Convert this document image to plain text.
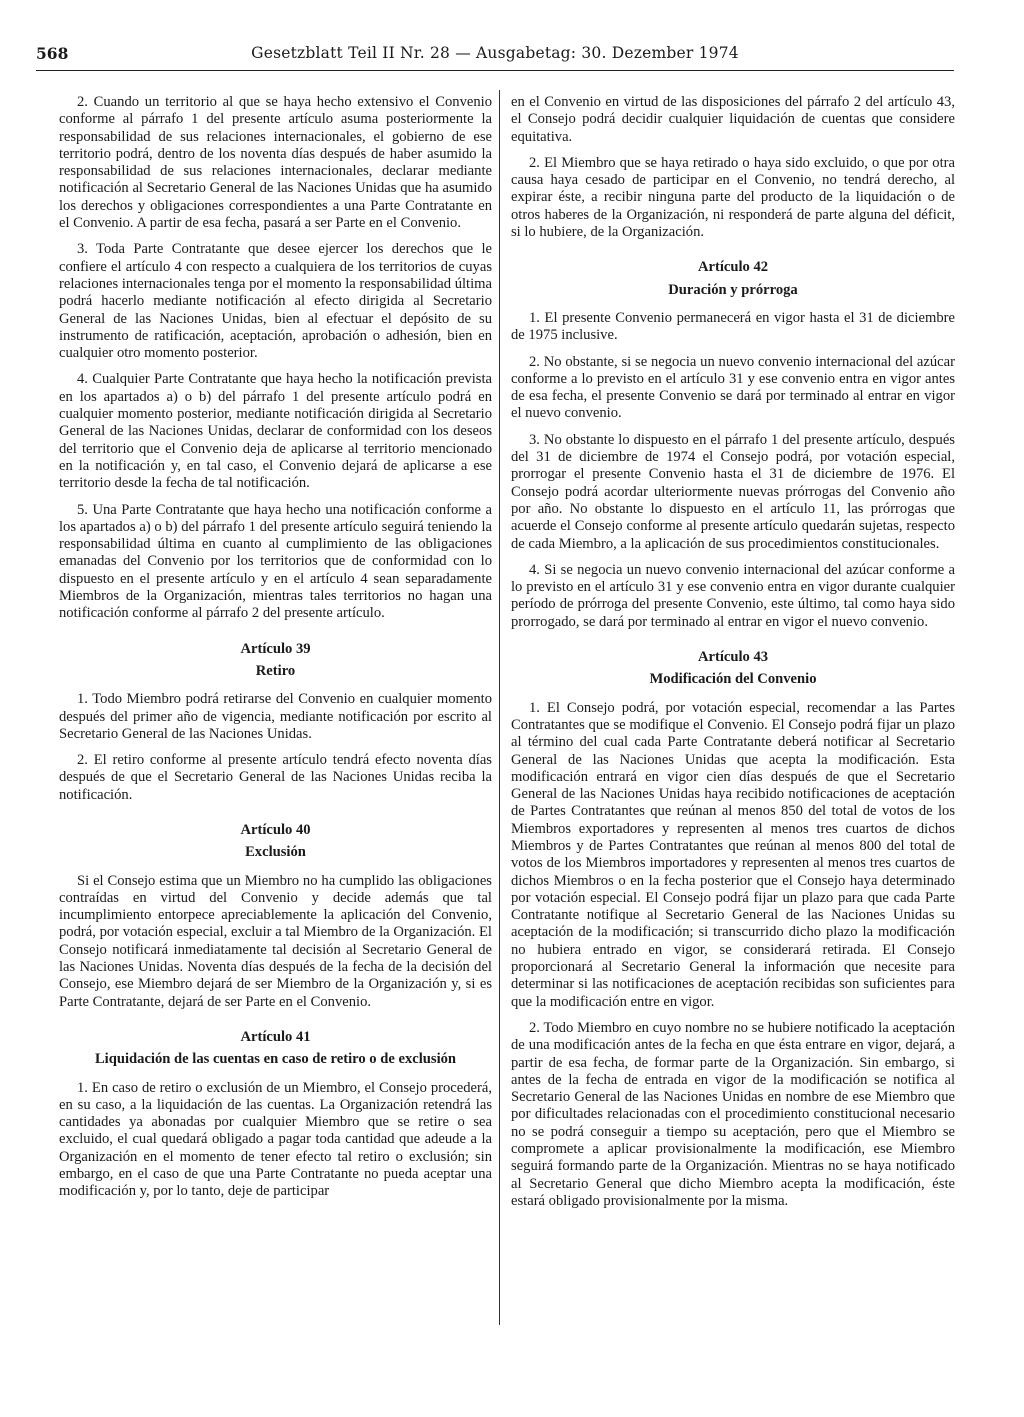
568	Gesetzblatt Teil II Nr. 28 — Ausgabetag: 30. Dezember 1974

2. Cuando un territorio al que se haya hecho extensivo el Convenio conforme al párrafo 1 del presente artículo asuma posteriormente la responsabilidad de sus relaciones internacionales, el gobierno de ese territorio podrá, dentro de los noventa días después de haber asumido la responsabilidad de sus relaciones internacionales, declarar mediante notificación al Secretario General de las Naciones Unidas que ha asumido los derechos y obligaciones correspondientes a una Parte Contratante en el Convenio. A partir de esa fecha, pasará a ser Parte en el Convenio.

3. Toda Parte Contratante que desee ejercer los derechos que le confiere el artículo 4 con respecto a cualquiera de los territorios de cuyas relaciones internacionales tenga por el momento la responsabilidad última podrá hacerlo mediante notificación al efecto dirigida al Secretario General de las Naciones Unidas, bien al efectuar el depósito de su instrumento de ratificación, aceptación, aprobación o adhesión, bien en cualquier otro momento posterior.

4. Cualquier Parte Contratante que haya hecho la notificación prevista en los apartados a) o b) del párrafo 1 del presente artículo podrá en cualquier momento posterior, mediante notificación dirigida al Secretario General de las Naciones Unidas, declarar de conformidad con los deseos del territorio que el Convenio deja de aplicarse al territorio mencionado en la notificación y, en tal caso, el Convenio dejará de aplicarse a ese territorio desde la fecha de tal notificación.

5. Una Parte Contratante que haya hecho una notificación conforme a los apartados a) o b) del párrafo 1 del presente artículo seguirá teniendo la responsabilidad última en cuanto al cumplimiento de las obligaciones emanadas del Convenio por los territorios que de conformidad con lo dispuesto en el presente artículo y en el artículo 4 sean separadamente Miembros de la Organización, mientras tales territorios no hagan una notificación conforme al párrafo 2 del presente artículo.

Artículo 39
Retiro

1. Todo Miembro podrá retirarse del Convenio en cualquier momento después del primer año de vigencia, mediante notificación por escrito al Secretario General de las Naciones Unidas.

2. El retiro conforme al presente artículo tendrá efecto noventa días después de que el Secretario General de las Naciones Unidas reciba la notificación.

Artículo 40
Exclusión

Si el Consejo estima que un Miembro no ha cumplido las obligaciones contraídas en virtud del Convenio y decide además que tal incumplimiento entorpece apreciablemente la aplicación del Convenio, podrá, por votación especial, excluir a tal Miembro de la Organización. El Consejo notificará inmediatamente tal decisión al Secretario General de las Naciones Unidas. Noventa días después de la fecha de la decisión del Consejo, ese Miembro dejará de ser Miembro de la Organización y, si es Parte Contratante, dejará de ser Parte en el Convenio.

Artículo 41
Liquidación de las cuentas en caso de retiro o de exclusión

1. En caso de retiro o exclusión de un Miembro, el Consejo procederá, en su caso, a la liquidación de las cuentas. La Organización retendrá las cantidades ya abonadas por cualquier Miembro que se retire o sea excluido, el cual quedará obligado a pagar toda cantidad que adeude a la Organización en el momento de tener efecto tal retiro o exclusión; sin embargo, en el caso de que una Parte Contratante no pueda aceptar una modificación y, por lo tanto, deje de participar

en el Convenio en virtud de las disposiciones del párrafo 2 del artículo 43, el Consejo podrá decidir cualquier liquidación de cuentas que considere equitativa.

2. El Miembro que se haya retirado o haya sido excluido, o que por otra causa haya cesado de participar en el Convenio, no tendrá derecho, al expirar éste, a recibir ninguna parte del producto de la liquidación o de otros haberes de la Organización, ni responderá de parte alguna del déficit, si lo hubiere, de la Organización.

Artículo 42
Duración y prórroga

1. El presente Convenio permanecerá en vigor hasta el 31 de diciembre de 1975 inclusive.

2. No obstante, si se negocia un nuevo convenio internacional del azúcar conforme a lo previsto en el artículo 31 y ese convenio entra en vigor antes de esa fecha, el presente Convenio se dará por terminado al entrar en vigor el nuevo convenio.

3. No obstante lo dispuesto en el párrafo 1 del presente artículo, después del 31 de diciembre de 1974 el Consejo podrá, por votación especial, prorrogar el presente Convenio hasta el 31 de diciembre de 1976. El Consejo podrá acordar ulteriormente nuevas prórrogas del Convenio año por año. No obstante lo dispuesto en el artículo 11, las prórrogas que acuerde el Consejo conforme al presente artículo quedarán sujetas, respecto de cada Miembro, a la aplicación de sus procedimientos constitucionales.

4. Si se negocia un nuevo convenio internacional del azúcar conforme a lo previsto en el artículo 31 y ese convenio entra en vigor durante cualquier período de prórroga del presente Convenio, este último, tal como haya sido prorrogado, se dará por terminado al entrar en vigor el nuevo convenio.

Artículo 43
Modificación del Convenio

1. El Consejo podrá, por votación especial, recomendar a las Partes Contratantes que se modifique el Convenio. El Consejo podrá fijar un plazo al término del cual cada Parte Contratante deberá notificar al Secretario General de las Naciones Unidas que acepta la modificación. Esta modificación entrará en vigor cien días después de que el Secretario General de las Naciones Unidas haya recibido notificaciones de aceptación de Partes Contratantes que reúnan al menos 850 del total de votos de los Miembros exportadores y representen al menos tres cuartos de dichos Miembros y de Partes Contratantes que reúnan al menos 800 del total de votos de los Miembros importadores y representen al menos tres cuartos de dichos Miembros o en la fecha posterior que el Consejo haya determinado por votación especial. El Consejo podrá fijar un plazo para que cada Parte Contratante notifique al Secretario General de las Naciones Unidas su aceptación de la modificación; si transcurrido dicho plazo la modificación no hubiera entrado en vigor, se considerará retirada. El Consejo proporcionará al Secretario General la información que necesite para determinar si las notificaciones de aceptación recibidas son suficientes para que la modificación entre en vigor.

2. Todo Miembro en cuyo nombre no se hubiere notificado la aceptación de una modificación antes de la fecha en que ésta entrare en vigor, dejará, a partir de esa fecha, de formar parte de la Organización. Sin embargo, si antes de la fecha de entrada en vigor de la modificación se notifica al Secretario General de las Naciones Unidas en nombre de ese Miembro que por dificultades relacionadas con el procedimiento constitucional necesario no se podrá conseguir a tiempo su aceptación, pero que el Miembro se compromete a aplicar provisionalmente la modificación, ese Miembro seguirá formando parte de la Organización. Mientras no se haya notificado al Secretario General que dicho Miembro acepta la modificación, éste estará obligado provisionalmente por la misma.
